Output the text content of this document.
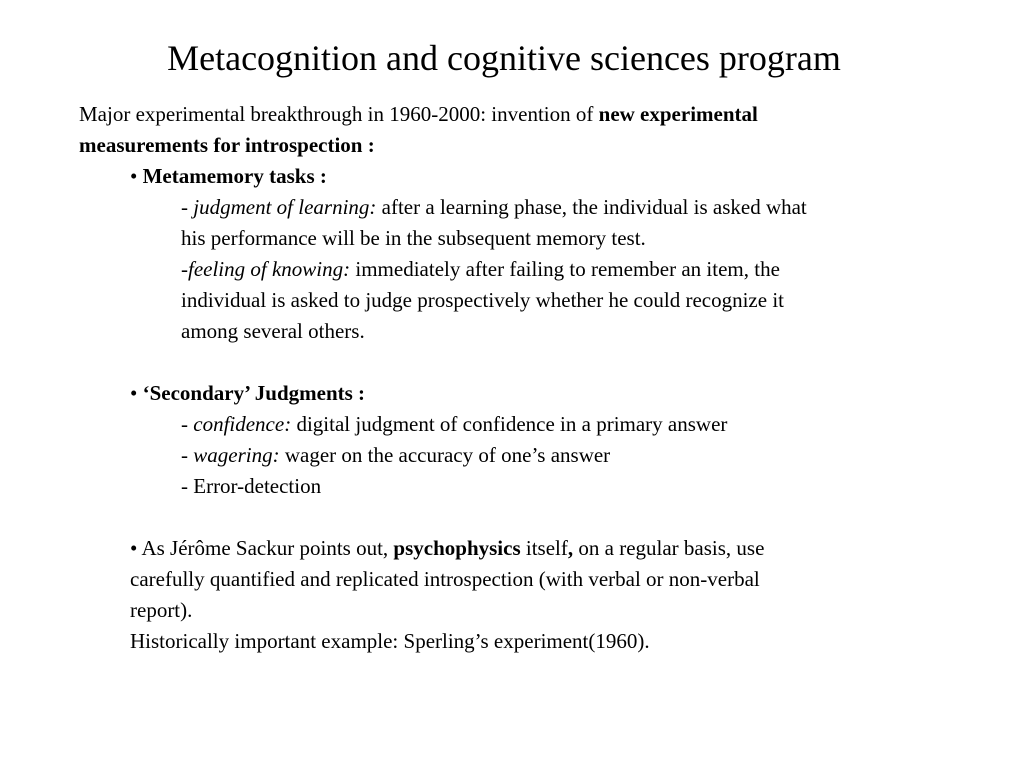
Metacognition and cognitive sciences program
Major experimental breakthrough in 1960-2000: invention of new experimental
measurements for introspection :
• Metamemory tasks :
- judgment of learning: after a learning phase, the individual is asked what
his performance will be in the subsequent memory test.
-feeling of knowing: immediately after failing to remember an item, the
individual is asked to judge prospectively whether he could recognize it
among several others.
• ‘Secondary’ Judgments :
- confidence: digital judgment of confidence in a primary answer
- wagering: wager on the accuracy of one’s answer
- Error-detection
• As Jérôme Sackur points out, psychophysics itself, on a regular basis, use
carefully quantified and replicated introspection (with verbal or non-verbal
report).
Historically important example: Sperling’s experiment(1960).
